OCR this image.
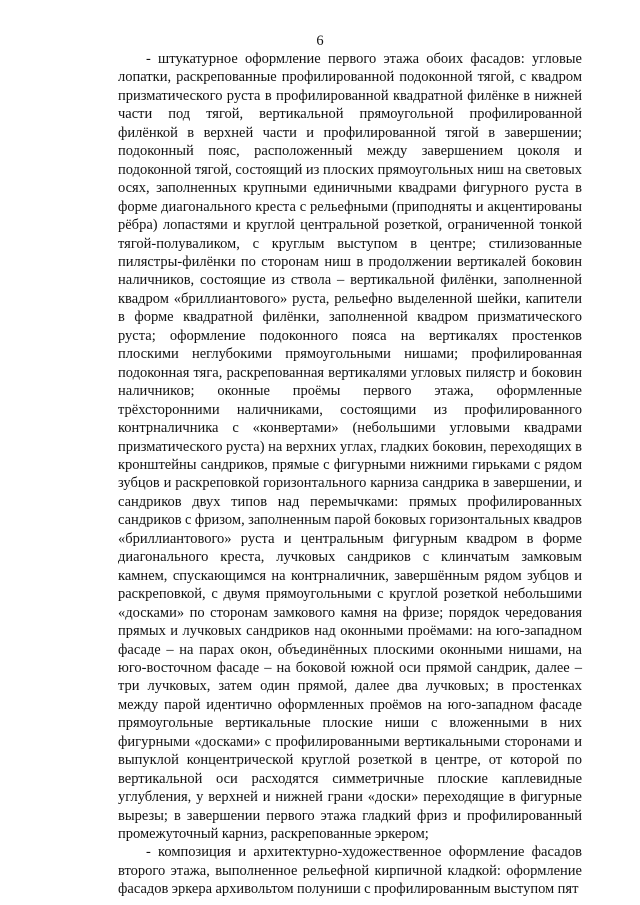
6

- штукатурное оформление первого этажа обоих фасадов: угловые лопатки, раскрепованные профилированной подоконной тягой, с квадром призматического руста в профилированной квадратной филёнке в нижней части под тягой, вертикальной прямоугольной профилированной филёнкой в верхней части и профилированной тягой в завершении; подоконный пояс, расположенный между завершением цоколя и подоконной тягой, состоящий из плоских прямоугольных ниш на световых осях, заполненных крупными единичными квадрами фигурного руста в форме диагонального креста с рельефными (приподняты и акцентированы рёбра) лопастями и круглой центральной розеткой, ограниченной тонкой тягой-полуваликом, с круглым выступом в центре; стилизованные пилястры-филёнки по сторонам ниш в продолжении вертикалей боковин наличников, состоящие из ствола – вертикальной филёнки, заполненной квадром «бриллиантового» руста, рельефно выделенной шейки, капители в форме квадратной филёнки, заполненной квадром призматического руста; оформление подоконного пояса на вертикалях простенков плоскими неглубокими прямоугольными нишами; профилированная подоконная тяга, раскрепованная вертикалями угловых пилястр и боковин наличников; оконные проёмы первого этажа, оформленные трёхсторонними наличниками, состоящими из профилированного контрналичника с «конвертами» (небольшими угловыми квадрами призматического руста) на верхних углах, гладких боковин, переходящих в кронштейны сандриков, прямые с фигурными нижними гирьками с рядом зубцов и раскреповкой горизонтального карниза сандрика в завершении, и сандриков двух типов над перемычками: прямых профилированных сандриков с фризом, заполненным парой боковых горизонтальных квадров «бриллиантового» руста и центральным фигурным квадром в форме диагонального креста, лучковых сандриков с клинчатым замковым камнем, спускающимся на контрналичник, завершённым рядом зубцов и раскреповкой, с двумя прямоугольными с круглой розеткой небольшими «досками» по сторонам замкового камня на фризе; порядок чередования прямых и лучковых сандриков над оконными проёмами: на юго-западном фасаде – на парах окон, объединённых плоскими оконными нишами, на юго-восточном фасаде – на боковой южной оси прямой сандрик, далее – три лучковых, затем один прямой, далее два лучковых; в простенках между парой идентично оформленных проёмов на юго-западном фасаде прямоугольные вертикальные плоские ниши с вложенными в них фигурными «досками» с профилированными вертикальными сторонами и выпуклой концентрической круглой розеткой в центре, от которой по вертикальной оси расходятся симметричные плоские каплевидные углубления, у верхней и нижней грани «доски» переходящие в фигурные вырезы; в завершении первого этажа гладкий фриз и профилированный промежуточный карниз, раскрепованные эркером;

- композиция и архитектурно-художественное оформление фасадов второго этажа, выполненное рельефной кирпичной кладкой: оформление фасадов эркера архивольтом полуниши с профилированным выступом пят
